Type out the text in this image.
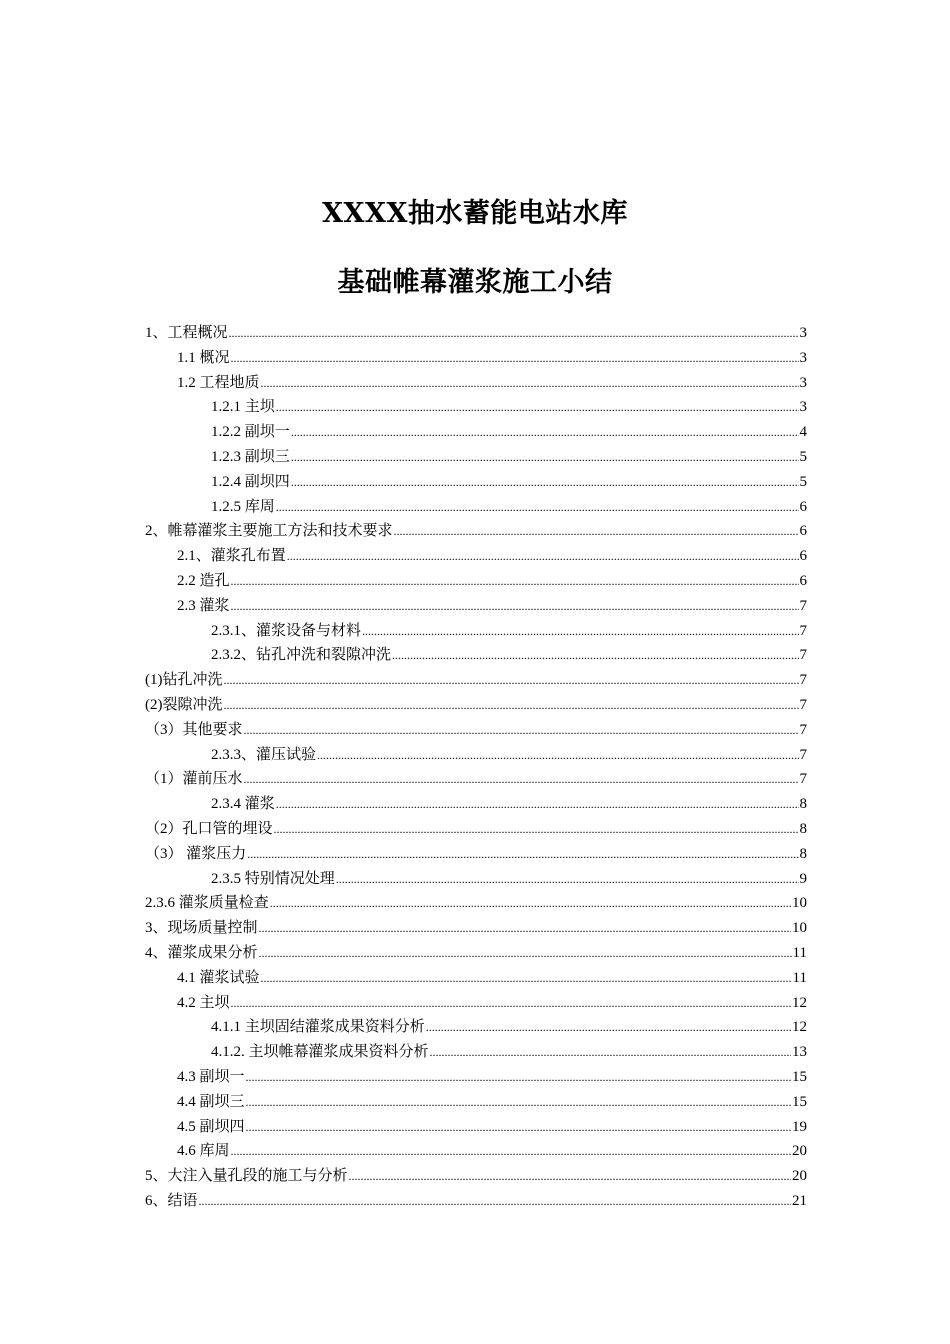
XXXX抽水蓄能电站水库
基础帷幕灌浆施工小结
1、工程概况 .....	3
1.1 概况 .....	3
1.2 工程地质 .....	3
1.2.1 主坝 .....	3
1.2.2 副坝一 .....	4
1.2.3 副坝三 .....	5
1.2.4 副坝四 .....	5
1.2.5 库周 .....	6
2、帷幕灌浆主要施工方法和技术要求 .....	6
2.1、灌浆孔布置 .....	6
2.2 造孔 .....	6
2.3 灌浆 .....	7
2.3.1、灌浆设备与材料 .....	7
2.3.2、钻孔冲洗和裂隙冲洗 .....	7
(1)钻孔冲洗 .....	7
(2)裂隙冲洗 .....	7
（3）其他要求 .....	7
2.3.3、灌压试验 .....	7
（1）灌前压水 .....	7
2.3.4 灌浆 .....	8
（2）孔口管的埋设 .....	8
（3） 灌浆压力 .....	8
2.3.5 特别情况处理 .....	9
2.3.6 灌浆质量检查 .....	10
3、现场质量控制 .....	10
4、灌浆成果分析 .....	11
4.1 灌浆试验 .....	11
4.2 主坝 .....	12
4.1.1 主坝固结灌浆成果资料分析 .....	12
4.1.2. 主坝帷幕灌浆成果资料分析 .....	13
4.3 副坝一 .....	15
4.4 副坝三 .....	15
4.5 副坝四 .....	19
4.6 库周 .....	20
5、大注入量孔段的施工与分析 .....	20
6、结语 .....	21
